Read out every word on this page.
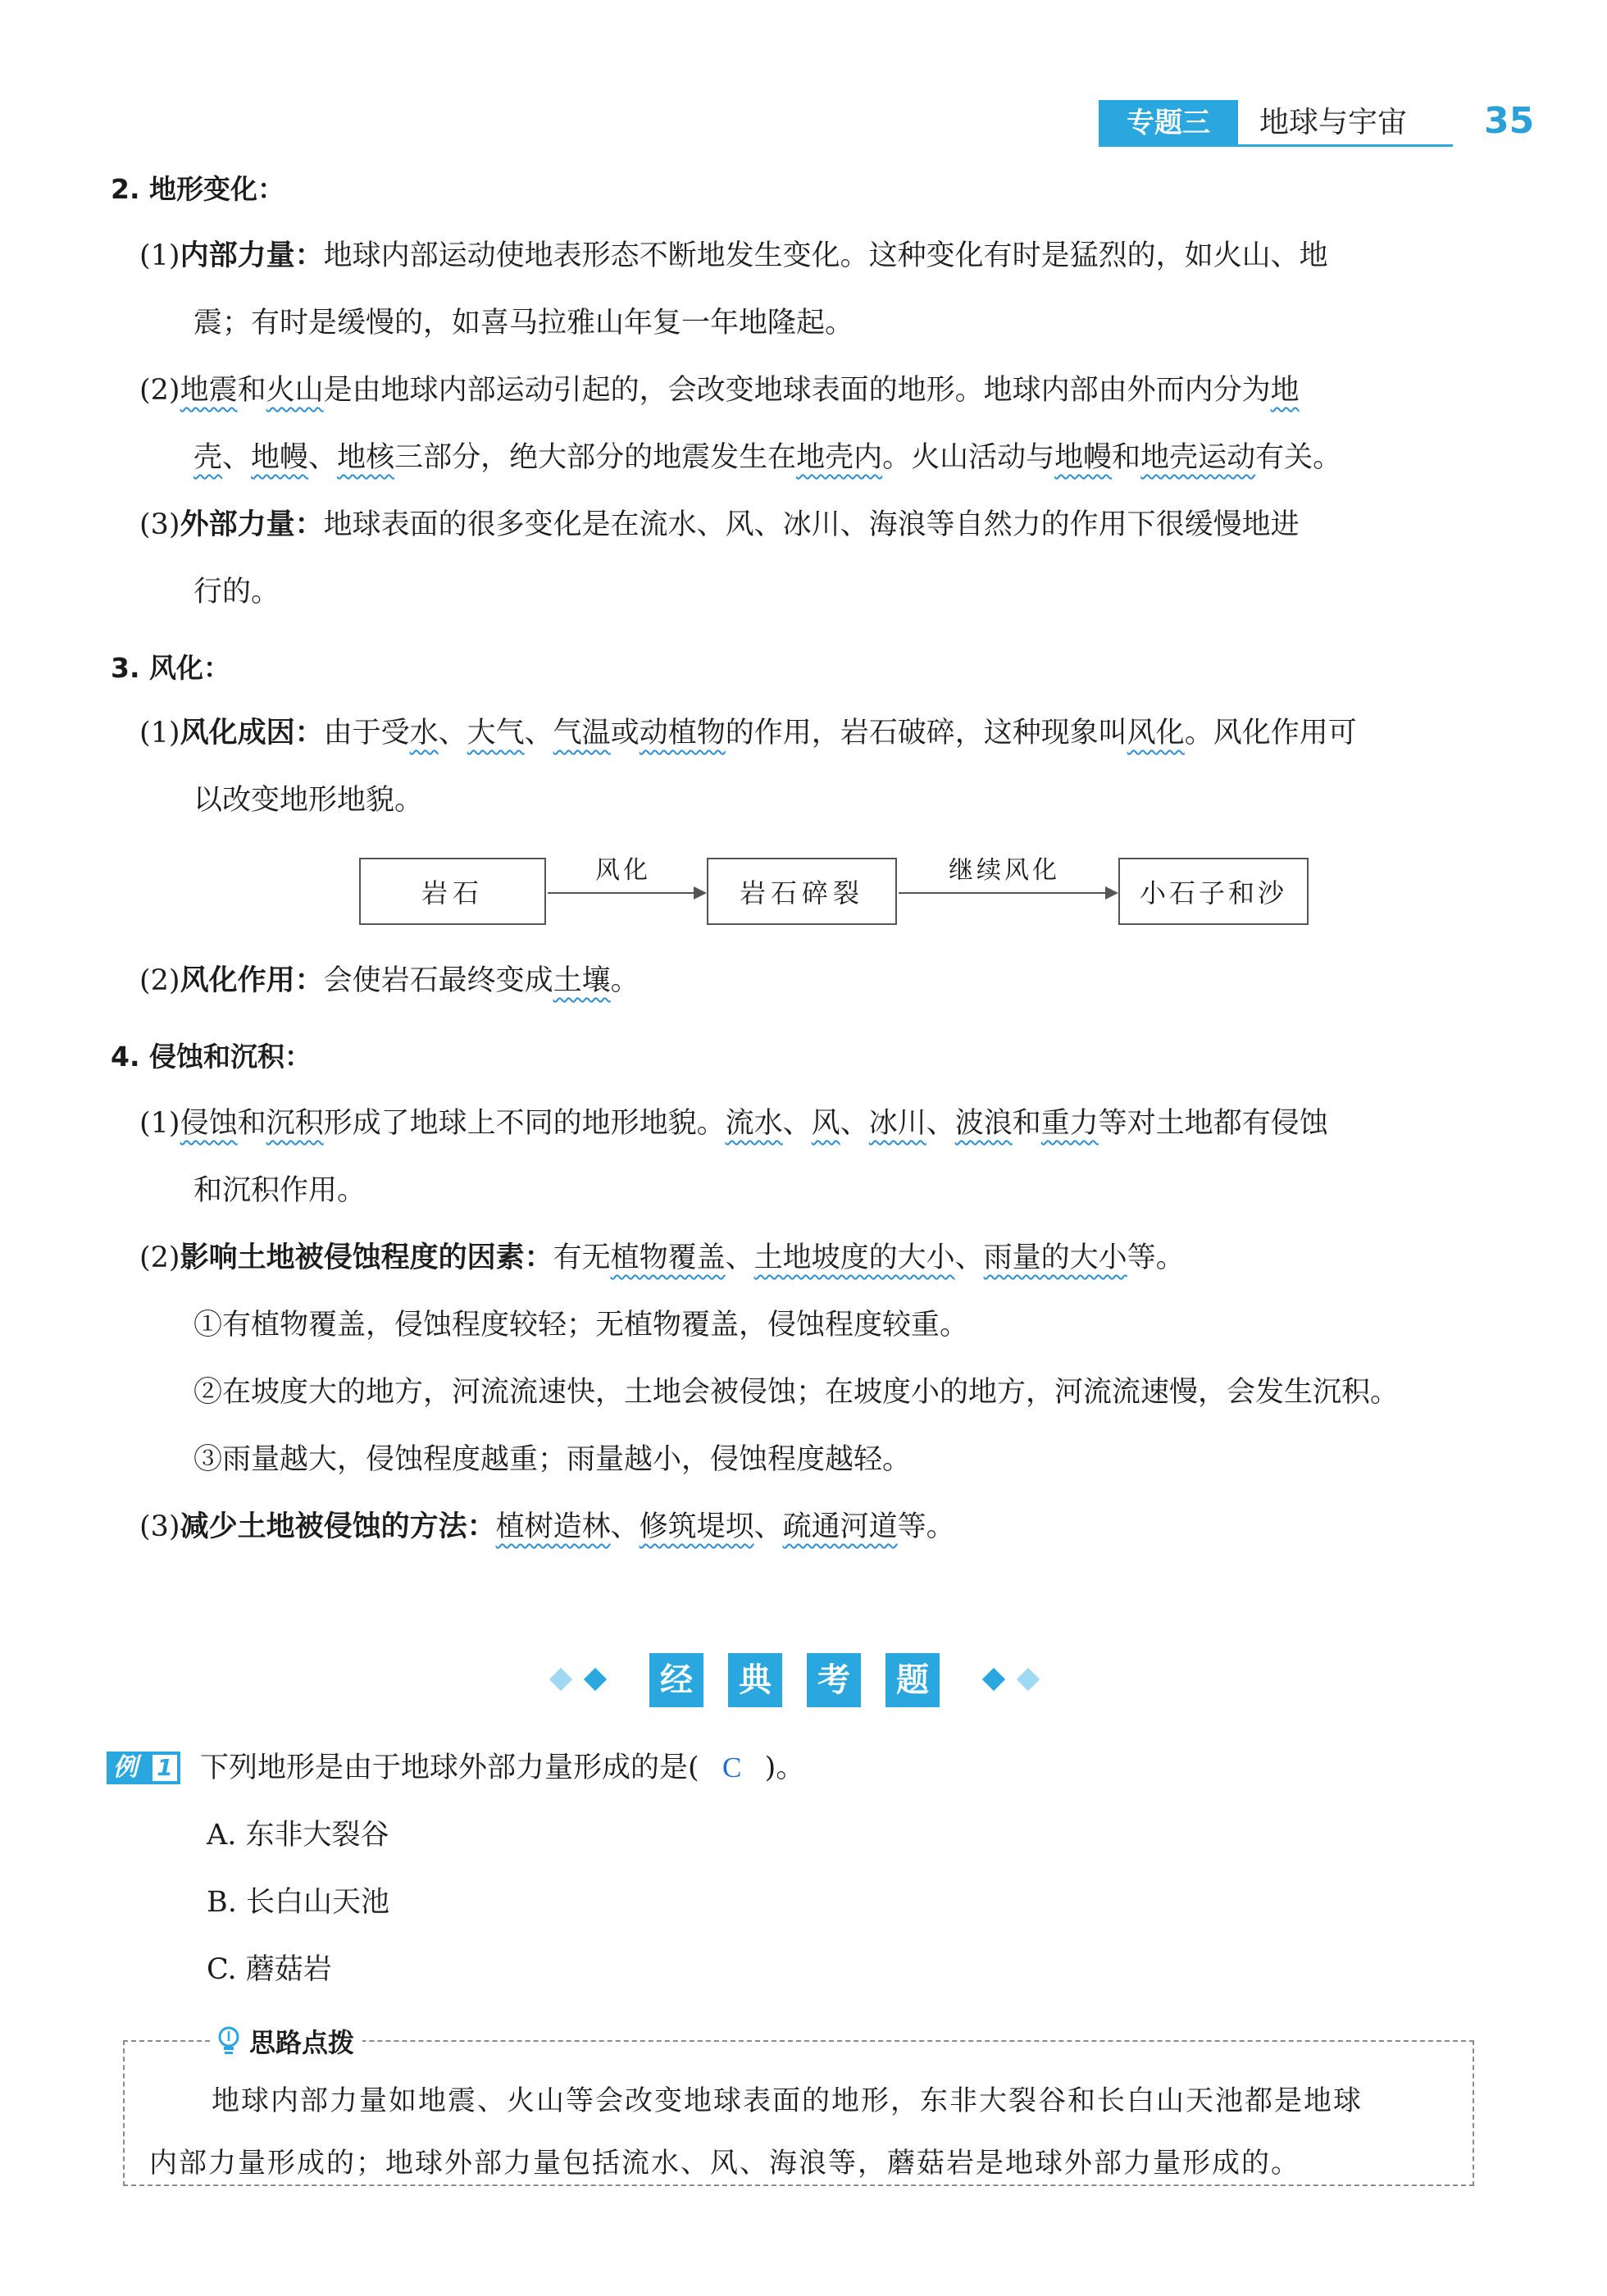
专题三	地球与宇宙	35
2. 地形变化：
(1)内部力量：地球内部运动使地表形态不断地发生变化。这种变化有时是猛烈的，如火山、地
震；有时是缓慢的，如喜马拉雅山年复一年地隆起。
(2)地震和火山是由地球内部运动引起的，会改变地球表面的地形。地球内部由外而内分为地
壳、地幔、地核三部分，绝大部分的地震发生在地壳内。火山活动与地幔和地壳运动有关。
(3)外部力量：地球表面的很多变化是在流水、风、冰川、海浪等自然力的作用下很缓慢地进
行的。
3. 风化：
(1)风化成因：由于受水、大气、气温或动植物的作用，岩石破碎，这种现象叫风化。风化作用可
以改变地形地貌。
岩石
风化
岩石碎裂
继续风化
小石子和沙
(2)风化作用：会使岩石最终变成土壤。
4. 侵蚀和沉积：
(1)侵蚀和沉积形成了地球上不同的地形地貌。流水、风、冰川、波浪和重力等对土地都有侵蚀
和沉积作用。
(2)影响土地被侵蚀程度的因素：有无植物覆盖、土地坡度的大小、雨量的大小等。
①有植物覆盖，侵蚀程度较轻；无植物覆盖，侵蚀程度较重。
②在坡度大的地方，河流流速快，土地会被侵蚀；在坡度小的地方，河流流速慢，会发生沉积。
③雨量越大，侵蚀程度越重；雨量越小，侵蚀程度越轻。
(3)减少土地被侵蚀的方法：植树造林、修筑堤坝、疏通河道等。
经	典	考	题
例 1 下列地形是由于地球外部力量形成的是( C )。
A. 东非大裂谷
B. 长白山天池
C. 蘑菇岩
思路点拨
地球内部力量如地震、火山等会改变地球表面的地形，东非大裂谷和长白山天池都是地球
内部力量形成的；地球外部力量包括流水、风、海浪等，蘑菇岩是地球外部力量形成的。
